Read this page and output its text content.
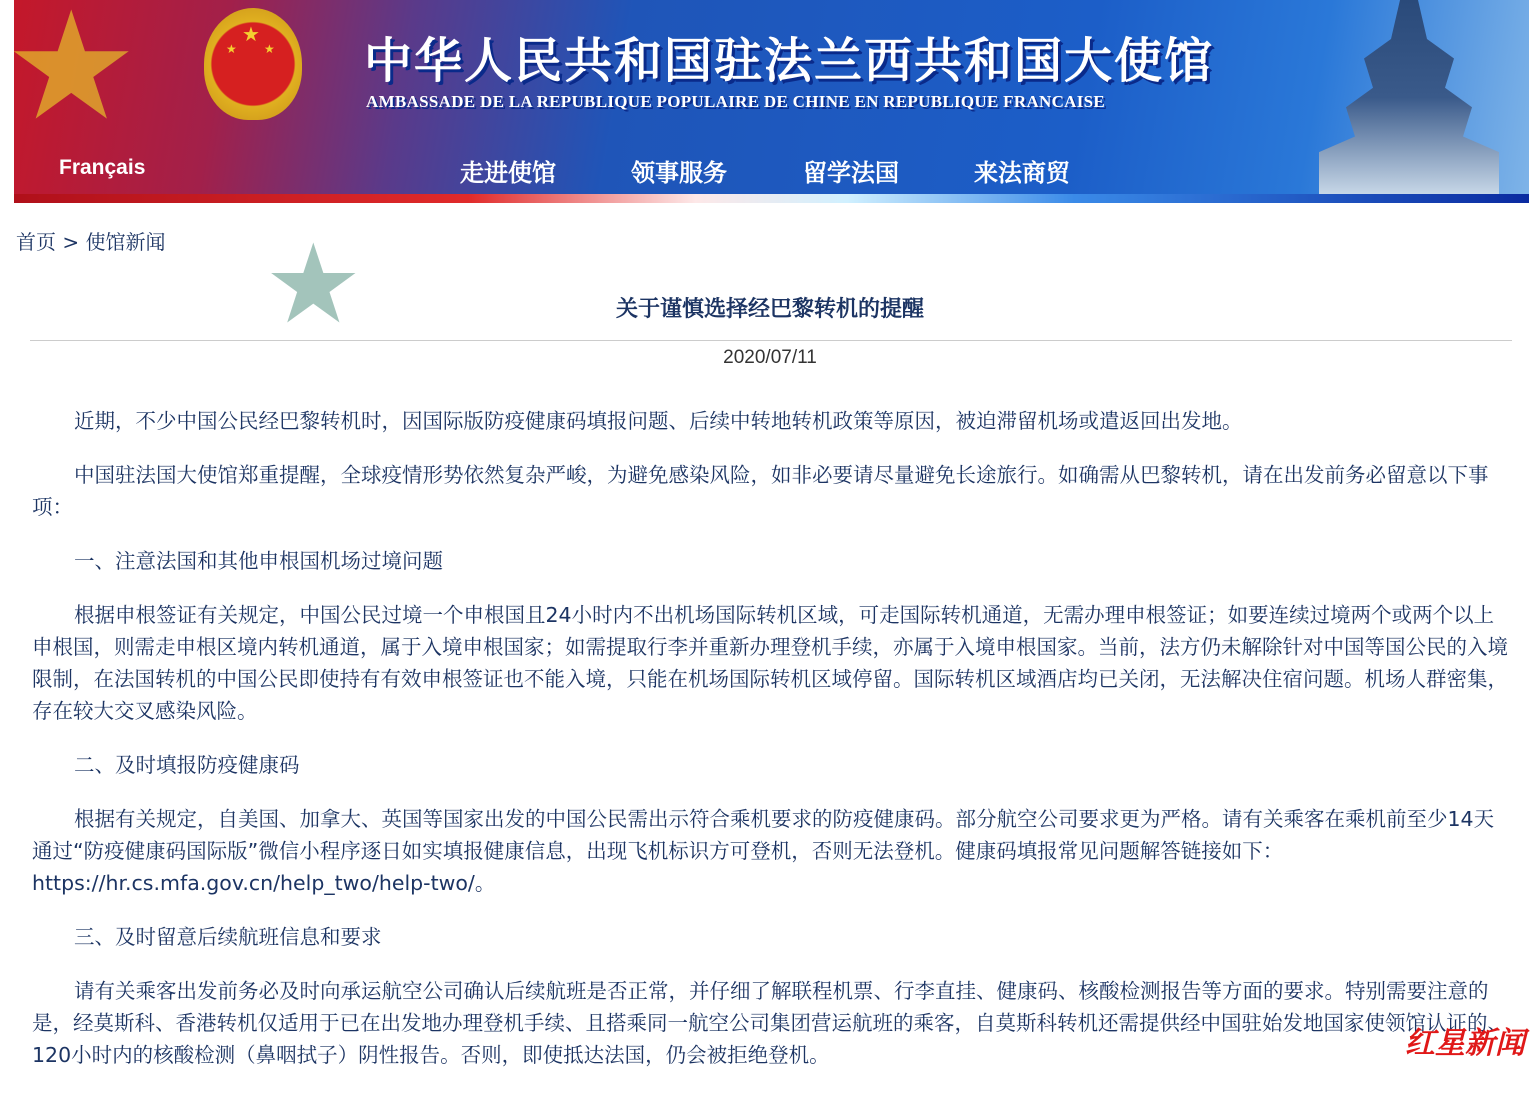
★
★
★
★ ★ 中华人民共和国驻法兰西共和国大使馆
AMBASSADE DE LA REPUBLIQUE POPULAIRE DE CHINE EN REPUBLIQUE FRANCAISE
Français	走进使馆	领事服务	留学法国	来法商贸
首页 > 使馆新闻
关于谨慎选择经巴黎转机的提醒
2020/07/11

近期，不少中国公民经巴黎转机时，因国际版防疫健康码填报问题、后续中转地转机政策等原因，被迫滞留机场或遣返回出发地。

中国驻法国大使馆郑重提醒，全球疫情形势依然复杂严峻，为避免感染风险，如非必要请尽量避免长途旅行。如确需从巴黎转机，请在出发前务必留意以下事项：

一、注意法国和其他申根国机场过境问题

根据申根签证有关规定，中国公民过境一个申根国且24小时内不出机场国际转机区域，可走国际转机通道，无需办理申根签证；如要连续过境两个或两个以上申根国，则需走申根区境内转机通道，属于入境申根国家；如需提取行李并重新办理登机手续，亦属于入境申根国家。当前，法方仍未解除针对中国等国公民的入境限制，在法国转机的中国公民即使持有有效申根签证也不能入境，只能在机场国际转机区域停留。国际转机区域酒店均已关闭，无法解决住宿问题。机场人群密集，存在较大交叉感染风险。

二、及时填报防疫健康码

根据有关规定，自美国、加拿大、英国等国家出发的中国公民需出示符合乘机要求的防疫健康码。部分航空公司要求更为严格。请有关乘客在乘机前至少14天通过“防疫健康码国际版”微信小程序逐日如实填报健康信息，出现飞机标识方可登机，否则无法登机。健康码填报常见问题解答链接如下：https://hr.cs.mfa.gov.cn/help_two/help-two/。

三、及时留意后续航班信息和要求

请有关乘客出发前务必及时向承运航空公司确认后续航班是否正常，并仔细了解联程机票、行李直挂、健康码、核酸检测报告等方面的要求。特别需要注意的是，经莫斯科、香港转机仅适用于已在出发地办理登机手续、且搭乘同一航空公司集团营运航班的乘客，自莫斯科转机还需提供经中国驻始发地国家使领馆认证的、120小时内的核酸检测（鼻咽拭子）阴性报告。否则，即使抵达法国，仍会被拒绝登机。	红星新闻
